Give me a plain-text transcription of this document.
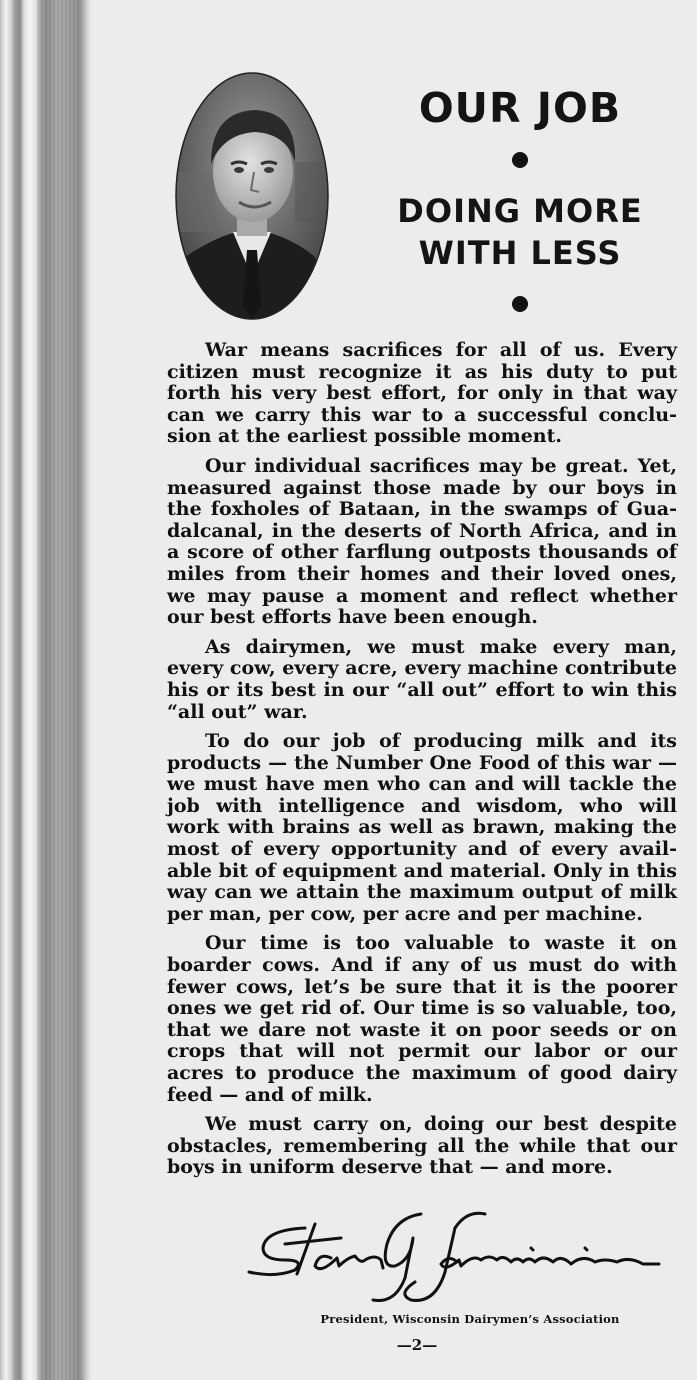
OUR JOB
DOING MORE
WITH LESS

War means sacrifices for all of us. Every citizen must recognize it as his duty to put forth his very best effort, for only in that way can we carry this war to a successful conclusion at the earliest possible moment.

Our individual sacrifices may be great. Yet, measured against those made by our boys in the foxholes of Bataan, in the swamps of Guadalcanal, in the deserts of North Africa, and in a score of other farflung outposts thousands of miles from their homes and their loved ones, we may pause a moment and reflect whether our best efforts have been enough.

As dairymen, we must make every man, every cow, every acre, every machine contribute his or its best in our “all out” effort to win this “all out” war.

To do our job of producing milk and its products — the Number One Food of this war — we must have men who can and will tackle the job with intelligence and wisdom, who will work with brains as well as brawn, making the most of every opportunity and of every available bit of equipment and material. Only in this way can we attain the maximum output of milk per man, per cow, per acre and per machine.

Our time is too valuable to waste it on boarder cows. And if any of us must do with fewer cows, let’s be sure that it is the poorer ones we get rid of. Our time is so valuable, too, that we dare not waste it on poor seeds or on crops that will not permit our labor or our acres to produce the maximum of good dairy feed — and of milk.

We must carry on, doing our best despite obstacles, remembering all the while that our boys in uniform deserve that — and more.

President, Wisconsin Dairymen’s Association
—2—
